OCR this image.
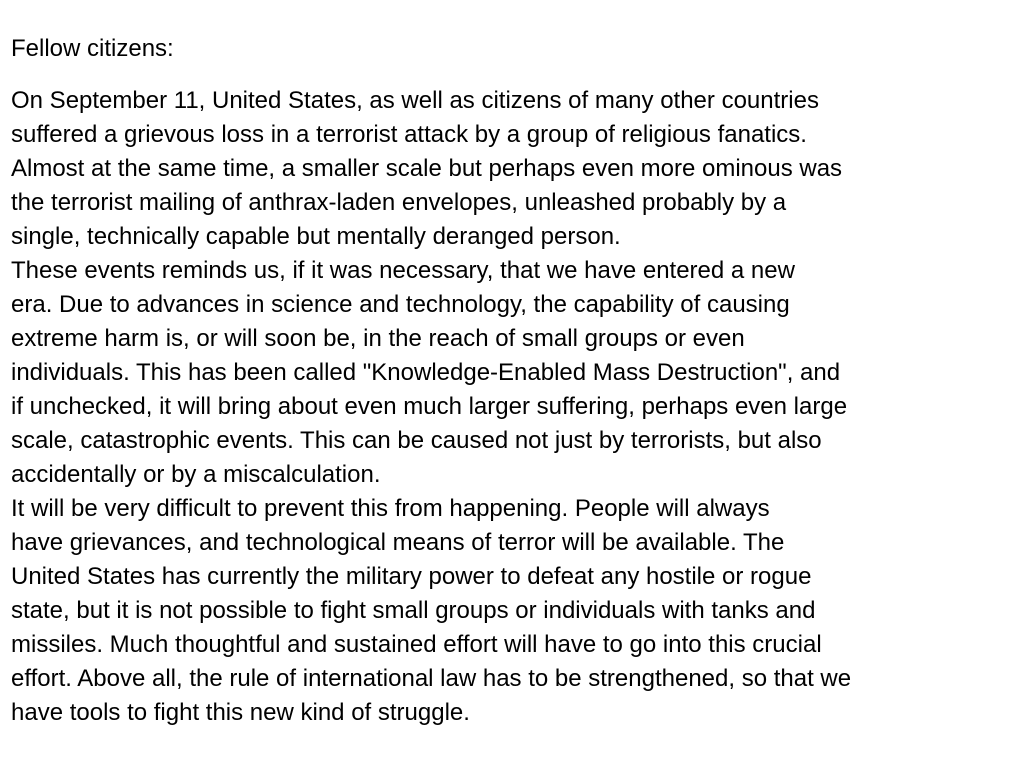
Fellow citizens:

On September 11, United States, as well as citizens of many other countries
suffered a grievous loss in a terrorist attack by a group of religious fanatics.
Almost at the same time, a smaller scale but perhaps even more ominous was
the terrorist mailing of anthrax-laden envelopes, unleashed probably by a
single, technically capable but mentally deranged person.
These events reminds us, if it was necessary, that we have entered a new
era. Due to advances in science and technology, the capability of causing
extreme harm is, or will soon be, in the reach of small groups or even
individuals. This has been called "Knowledge-Enabled Mass Destruction", and
if unchecked, it will bring about even much larger suffering, perhaps even large
scale, catastrophic events. This can be caused not just by terrorists, but also
accidentally or by a miscalculation.
It will be very difficult to prevent this from happening. People will always
have grievances, and technological means of terror will be available. The
United States has currently the military power to defeat any hostile or rogue
state, but it is not possible to fight small groups or individuals with tanks and
missiles. Much thoughtful and sustained effort will have to go into this crucial
effort. Above all, the rule of international law has to be strengthened, so that we
have tools to fight this new kind of struggle.
